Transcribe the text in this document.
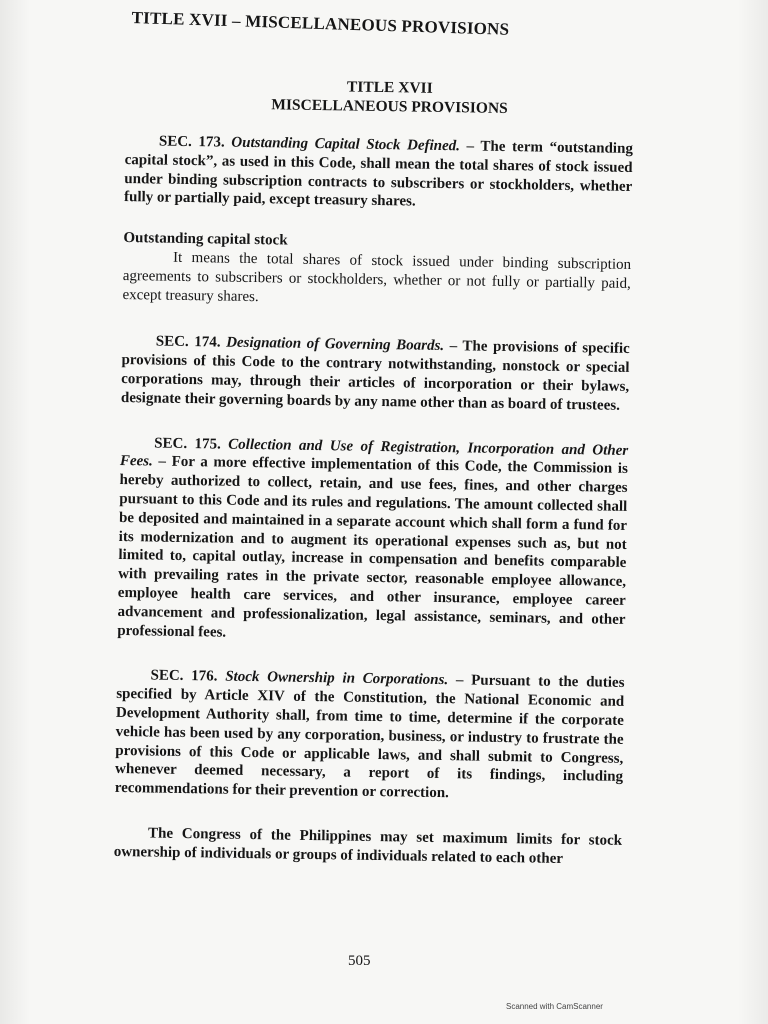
TITLE XVII – MISCELLANEOUS PROVISIONS
TITLE XVII
MISCELLANEOUS PROVISIONS

SEC. 173. Outstanding Capital Stock Defined. – The term “outstanding capital stock”, as used in this Code, shall mean the total shares of stock issued under binding subscription contracts to subscribers or stockholders, whether fully or partially paid, except treasury shares.

Outstanding capital stock

It means the total shares of stock issued under binding subscription agreements to subscribers or stockholders, whether or not fully or partially paid, except treasury shares.

SEC. 174. Designation of Governing Boards. – The provisions of specific provisions of this Code to the contrary notwithstanding, nonstock or special corporations may, through their articles of incorporation or their bylaws, designate their governing boards by any name other than as board of trustees.

SEC. 175. Collection and Use of Registration, Incorporation and Other Fees. – For a more effective implementation of this Code, the Commission is hereby authorized to collect, retain, and use fees, fines, and other charges pursuant to this Code and its rules and regulations. The amount collected shall be deposited and maintained in a separate account which shall form a fund for its modernization and to augment its operational expenses such as, but not limited to, capital outlay, increase in compensation and benefits comparable with prevailing rates in the private sector, reasonable employee allowance, employee health care services, and other insurance, employee career advancement and professionalization, legal assistance, seminars, and other professional fees.

SEC. 176. Stock Ownership in Corporations. – Pursuant to the duties specified by Article XIV of the Constitution, the National Economic and Development Authority shall, from time to time, determine if the corporate vehicle has been used by any corporation, business, or industry to frustrate the provisions of this Code or applicable laws, and shall submit to Congress, whenever deemed necessary, a report of its findings, including recommendations for their prevention or correction.

The Congress of the Philippines may set maximum limits for stock ownership of individuals or groups of individuals related to each other

505
Scanned with CamScanner
